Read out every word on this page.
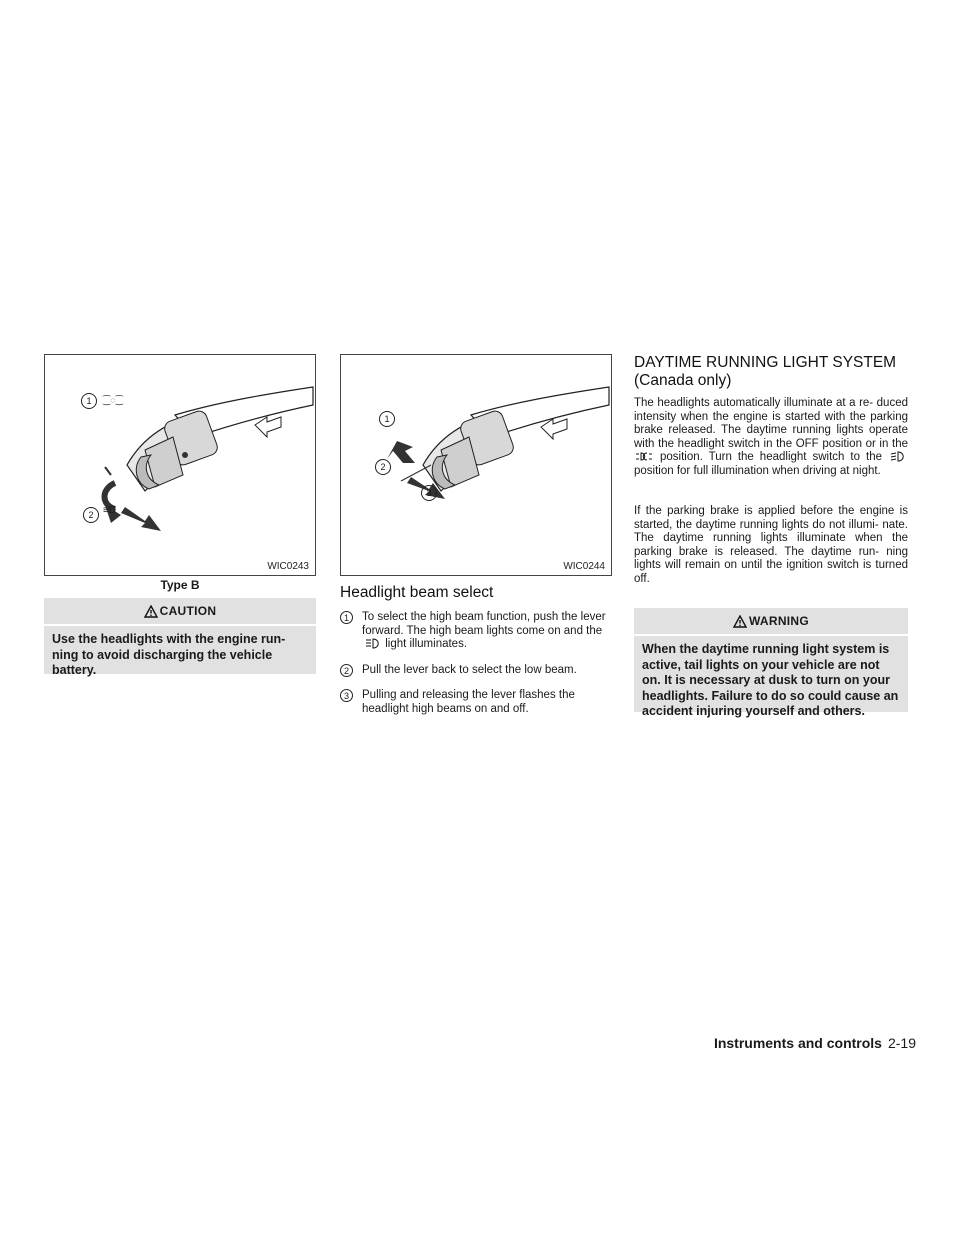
1	⁐◌⁐
2 ≡D
WIC0243
Type B
1
2
3
WIC0244
CAUTION
Use the headlights with the engine run- ning to avoid discharging the vehicle battery.
Headlight beam select
1	To select the high beam function, push the lever forward. The high beam lights come on and the  light illuminates.
2	Pull the lever back to select the low beam.
3	Pulling and releasing the lever flashes the headlight high beams on and off.
DAYTIME RUNNING LIGHT SYSTEM
(Canada only)
The headlights automatically illuminate at a re- duced intensity when the engine is started with the parking brake released. The daytime running lights operate with the headlight switch in the OFF position or in the  position. Turn the headlight switch to the  position for full illumination when driving at night.
If the parking brake is applied before the engine is started, the daytime running lights do not illumi- nate. The daytime running lights illuminate when the parking brake is released. The daytime run- ning lights will remain on until the ignition switch is turned off.
WARNING
When the daytime running light system is active, tail lights on your vehicle are not on. It is necessary at dusk to turn on your headlights. Failure to do so could cause an accident injuring yourself and others.
Instruments and controls 2-19
